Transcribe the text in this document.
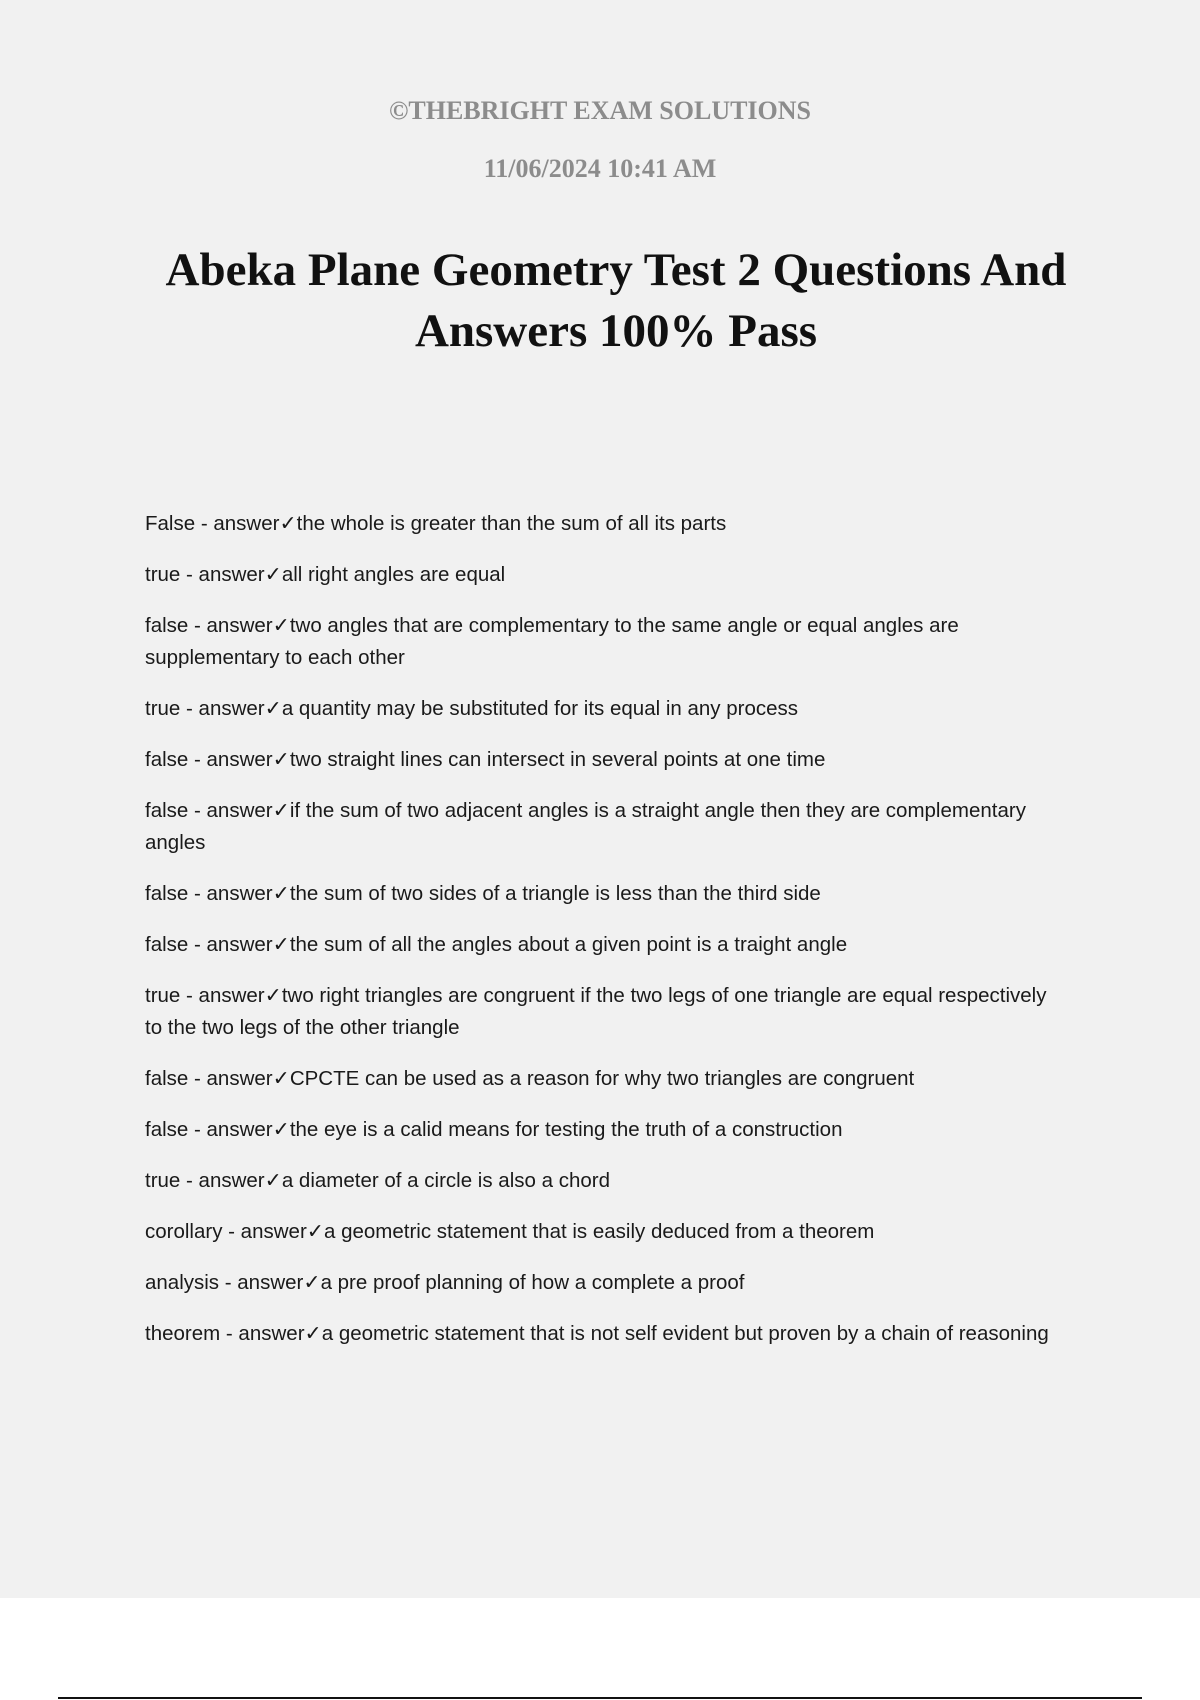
©THEBRIGHT EXAM SOLUTIONS
11/06/2024 10:41 AM
Abeka Plane Geometry Test 2 Questions And Answers 100% Pass
False - answer✓the whole is greater than the sum of all its parts
true - answer✓all right angles are equal
false - answer✓two angles that are complementary to the same angle or equal angles are supplementary to each other
true - answer✓a quantity may be substituted for its equal in any process
false - answer✓two straight lines can intersect in several points at one time
false - answer✓if the sum of two adjacent angles is a straight angle then they are complementary angles
false - answer✓the sum of two sides of a triangle is less than the third side
false - answer✓the sum of all the angles about a given point is a traight angle
true - answer✓two right triangles are congruent if the two legs of one triangle are equal respectively to the two legs of the other triangle
false - answer✓CPCTE can be used as a reason for why two triangles are congruent
false - answer✓the eye is a calid means for testing the truth of a construction
true - answer✓a diameter of a circle is also a chord
corollary - answer✓a geometric statement that is easily deduced from a theorem
analysis - answer✓a pre proof planning of how a complete a proof
theorem - answer✓a geometric statement that is not self evident but proven by a chain of reasoning
